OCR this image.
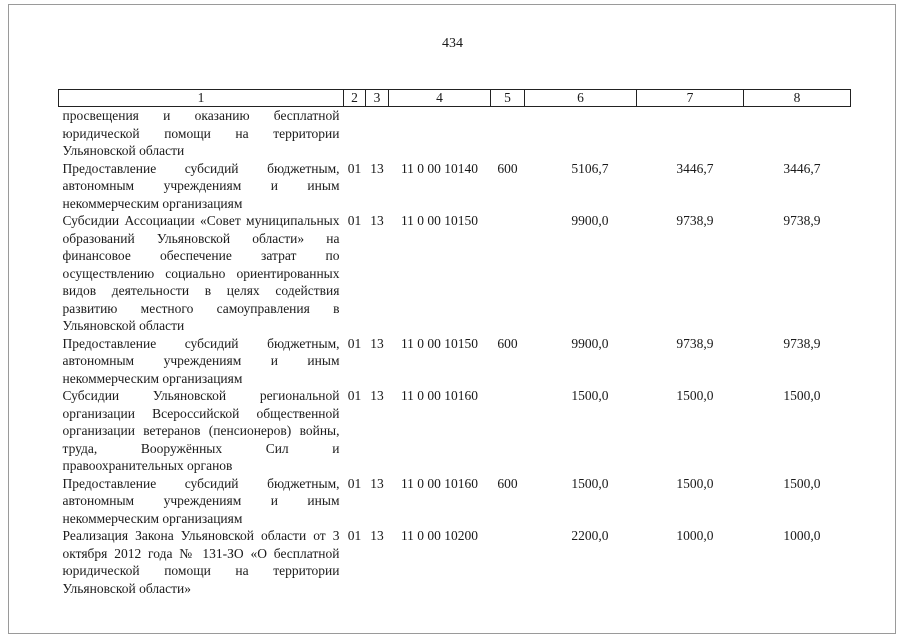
434
1	2	3	4	5	6	7	8
просвещения и оказанию бесплатной юридической помощи на территории Ульяновской области							
Предоставление субсидий бюджетным, автономным учреждениям и иным некоммерческим организациям	01	13	11 0 00 10140	600	5106,7	3446,7	3446,7
Субсидии Ассоциации «Совет муниципальных образований Ульяновской области» на финансовое обеспечение затрат по осуществлению социально ориентированных видов деятельности в целях содействия развитию местного самоуправления в Ульяновской области	01	13	11 0 00 10150		9900,0	9738,9	9738,9
Предоставление субсидий бюджетным, автономным учреждениям и иным некоммерческим организациям	01	13	11 0 00 10150	600	9900,0	9738,9	9738,9
Субсидии Ульяновской региональной организации Всероссийской общественной организации ветеранов (пенсионеров) войны, труда, Вооружённых Сил и правоохранительных органов	01	13	11 0 00 10160		1500,0	1500,0	1500,0
Предоставление субсидий бюджетным, автономным учреждениям и иным некоммерческим организациям	01	13	11 0 00 10160	600	1500,0	1500,0	1500,0
Реализация Закона Ульяновской области от 3 октября 2012 года № 131-ЗО «О бесплатной юридической помощи на территории Ульяновской области»	01	13	11 0 00 10200		2200,0	1000,0	1000,0
